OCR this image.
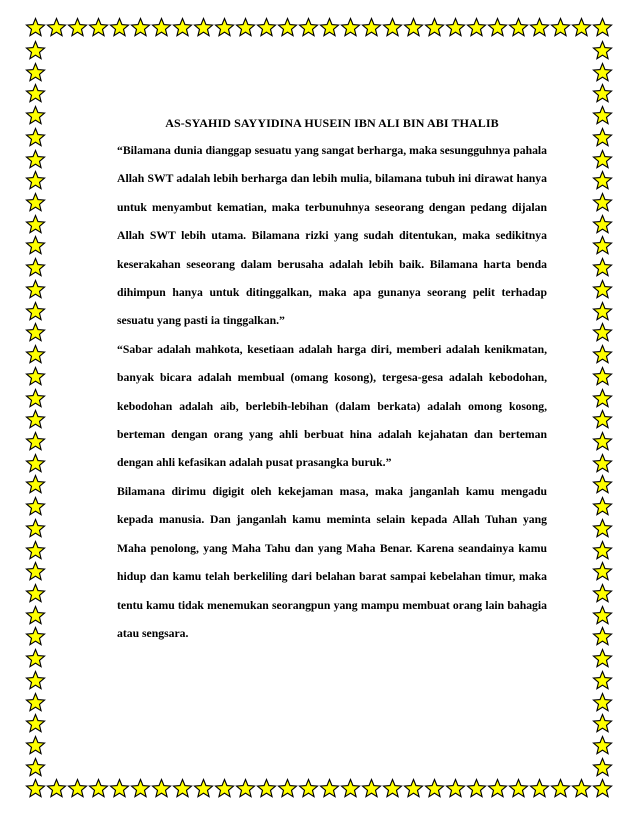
AS-SYAHID SAYYIDINA HUSEIN IBN ALI BIN ABI THALIB

“Bilamana dunia dianggap sesuatu yang sangat berharga, maka sesungguhnya pahala Allah SWT adalah lebih berharga dan lebih mulia, bilamana tubuh ini dirawat hanya untuk menyambut kematian, maka terbunuhnya seseorang dengan pedang dijalan Allah SWT lebih utama. Bilamana rizki yang sudah ditentukan, maka sedikitnya keserakahan seseorang dalam berusaha adalah lebih baik. Bilamana harta benda dihimpun hanya untuk ditinggalkan, maka apa gunanya seorang pelit terhadap sesuatu yang pasti ia tinggalkan.”

“Sabar adalah mahkota, kesetiaan adalah harga diri, memberi adalah kenikmatan, banyak bicara adalah membual (omang kosong), tergesa-gesa adalah kebodohan, kebodohan adalah aib, berlebih-lebihan (dalam berkata) adalah omong kosong, berteman dengan orang yang ahli berbuat hina adalah kejahatan dan berteman dengan ahli kefasikan adalah pusat prasangka buruk.”

Bilamana dirimu digigit oleh kekejaman masa, maka janganlah kamu mengadu kepada manusia. Dan janganlah kamu meminta selain kepada Allah Tuhan yang Maha penolong, yang Maha Tahu dan yang Maha Benar. Karena seandainya kamu hidup dan kamu telah berkeliling dari belahan barat sampai kebelahan timur, maka tentu kamu tidak menemukan seorangpun yang mampu membuat orang lain bahagia atau sengsara.
